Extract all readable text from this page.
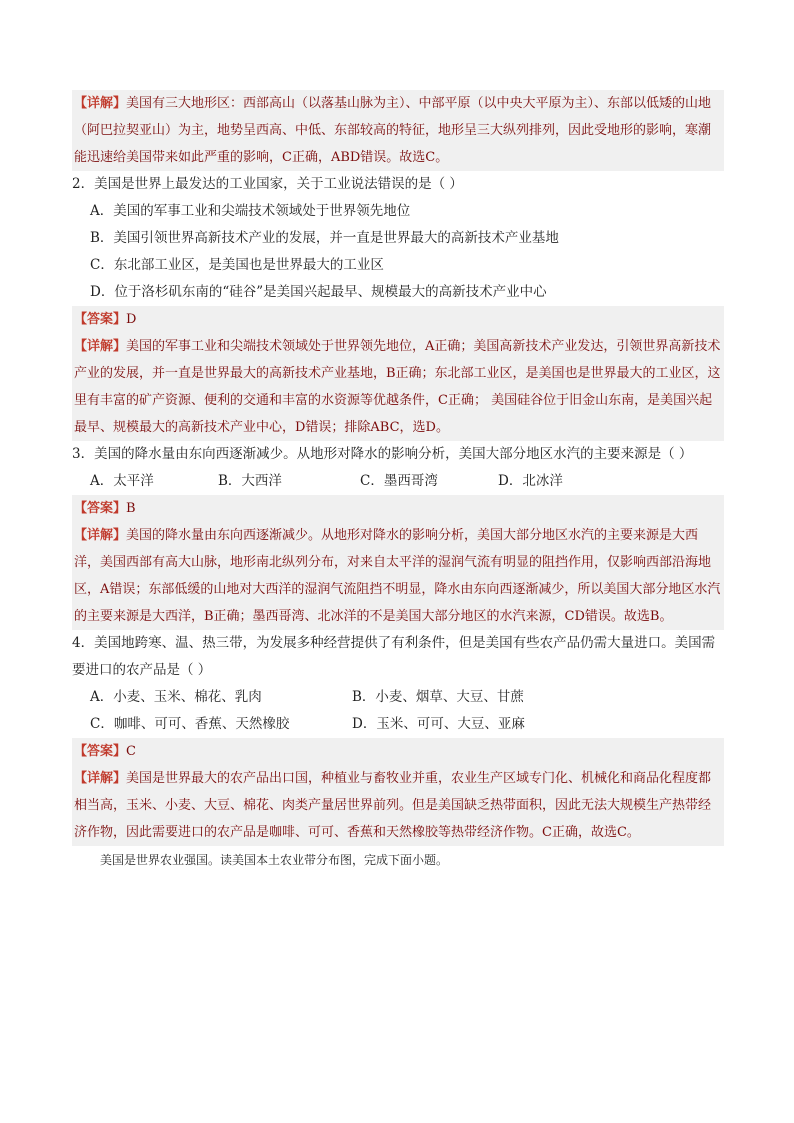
【详解】美国有三大地形区：西部高山（以落基山脉为主）、中部平原（以中央大平原为主）、东部以低矮的山地（阿巴拉契亚山）为主，地势呈西高、中低、东部较高的特征，地形呈三大纵列排列，因此受地形的影响，寒潮能迅速给美国带来如此严重的影响，C正确，ABD错误。故选C。
2．美国是世界上最发达的工业国家，关于工业说法错误的是（ ）
A．美国的军事工业和尖端技术领域处于世界领先地位
B．美国引领世界高新技术产业的发展，并一直是世界最大的高新技术产业基地
C．东北部工业区，是美国也是世界最大的工业区
D．位于洛杉矶东南的“硅谷”是美国兴起最早、规模最大的高新技术产业中心
【答案】D
【详解】美国的军事工业和尖端技术领域处于世界领先地位，A正确；美国高新技术产业发达，引领世界高新技术产业的发展，并一直是世界最大的高新技术产业基地，B正确；东北部工业区，是美国也是世界最大的工业区，这里有丰富的矿产资源、便利的交通和丰富的水资源等优越条件，C正确； 美国硅谷位于旧金山东南，是美国兴起最早、规模最大的高新技术产业中心，D错误；排除ABC，选D。
3．美国的降水量由东向西逐渐减少。从地形对降水的影响分析，美国大部分地区水汽的主要来源是（ ）
A．太平洋	B．大西洋	C．墨西哥湾	D．北冰洋
【答案】B
【详解】美国的降水量由东向西逐渐减少。从地形对降水的影响分析，美国大部分地区水汽的主要来源是大西洋，美国西部有高大山脉，地形南北纵列分布，对来自太平洋的湿润气流有明显的阻挡作用，仅影响西部沿海地区，A错误；东部低缓的山地对大西洋的湿润气流阻挡不明显，降水由东向西逐渐减少，所以美国大部分地区水汽的主要来源是大西洋，B正确；墨西哥湾、北冰洋的不是美国大部分地区的水汽来源，CD错误。故选B。
4．美国地跨寒、温、热三带，为发展多种经营提供了有利条件，但是美国有些农产品仍需大量进口。美国需要进口的农产品是（ ）
A．小麦、玉米、棉花、乳肉	B．小麦、烟草、大豆、甘蔗
C．咖啡、可可、香蕉、天然橡胶	D．玉米、可可、大豆、亚麻
【答案】C
【详解】美国是世界最大的农产品出口国，种植业与畜牧业并重，农业生产区域专门化、机械化和商品化程度都相当高，玉米、小麦、大豆、棉花、肉类产量居世界前列。但是美国缺乏热带面积，因此无法大规模生产热带经济作物，因此需要进口的农产品是咖啡、可可、香蕉和天然橡胶等热带经济作物。C正确，故选C。
美国是世界农业强国。读美国本土农业带分布图，完成下面小题。
